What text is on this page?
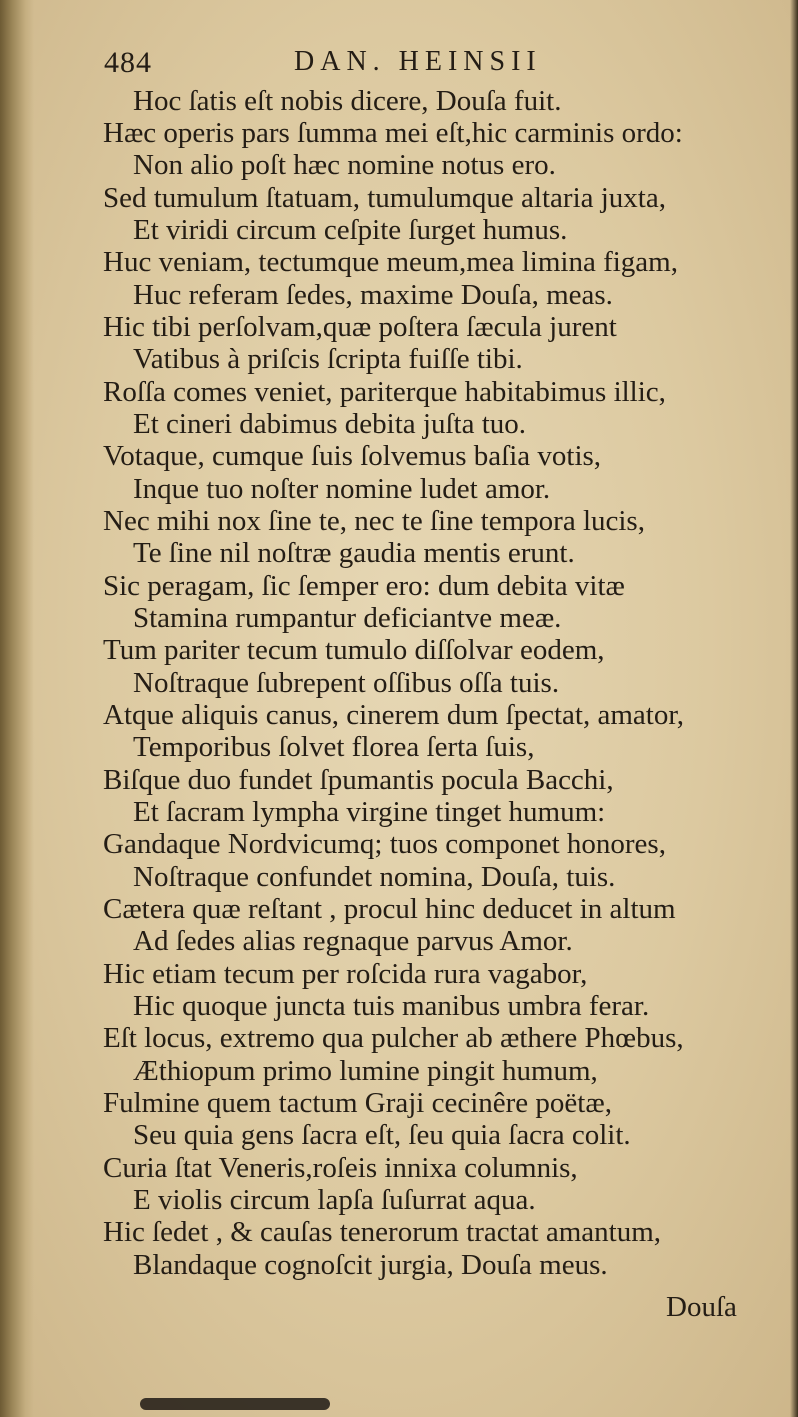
484	DAN. HEINSII
Hoc ſatis eſt nobis dicere, Douſa fuit.
Hæc operis pars ſumma mei eſt,hic carminis ordo:
Non alio poſt hæc nomine notus ero.
Sed tumulum ſtatuam, tumulumque altaria juxta,
Et viridi circum ceſpite ſurget humus.
Huc veniam, tectumque meum,mea limina figam,
Huc referam ſedes, maxime Douſa, meas.
Hic tibi perſolvam,quæ poſtera ſæcula jurent
Vatibus à priſcis ſcripta fuiſſe tibi.
Roſſa comes veniet, pariterque habitabimus illic,
Et cineri dabimus debita juſta tuo.
Votaque, cumque ſuis ſolvemus baſia votis,
Inque tuo noſter nomine ludet amor.
Nec mihi nox ſine te, nec te ſine tempora lucis,
Te ſine nil noſtræ gaudia mentis erunt.
Sic peragam, ſic ſemper ero: dum debita vitæ
Stamina rumpantur deficiantve meæ.
Tum pariter tecum tumulo diſſolvar eodem,
Noſtraque ſubrepent oſſibus oſſa tuis.
Atque aliquis canus, cinerem dum ſpectat, amator,
Temporibus ſolvet florea ſerta ſuis,
Biſque duo fundet ſpumantis pocula Bacchi,
Et ſacram lympha virgine tinget humum:
Gandaque Nordvicumq; tuos componet honores,
Noſtraque confundet nomina, Douſa, tuis.
Cætera quæ reſtant , procul hinc deducet in altum
Ad ſedes alias regnaque parvus Amor.
Hic etiam tecum per roſcida rura vagabor,
Hic quoque juncta tuis manibus umbra ferar.
Eſt locus, extremo qua pulcher ab æthere Phœbus,
Æthiopum primo lumine pingit humum,
Fulmine quem tactum Graji cecinêre poëtæ,
Seu quia gens ſacra eſt, ſeu quia ſacra colit.
Curia ſtat Veneris,roſeis innixa columnis,
E violis circum lapſa ſuſurrat aqua.
Hic ſedet , & cauſas tenerorum tractat amantum,
Blandaque cognoſcit jurgia, Douſa meus.
Douſa
